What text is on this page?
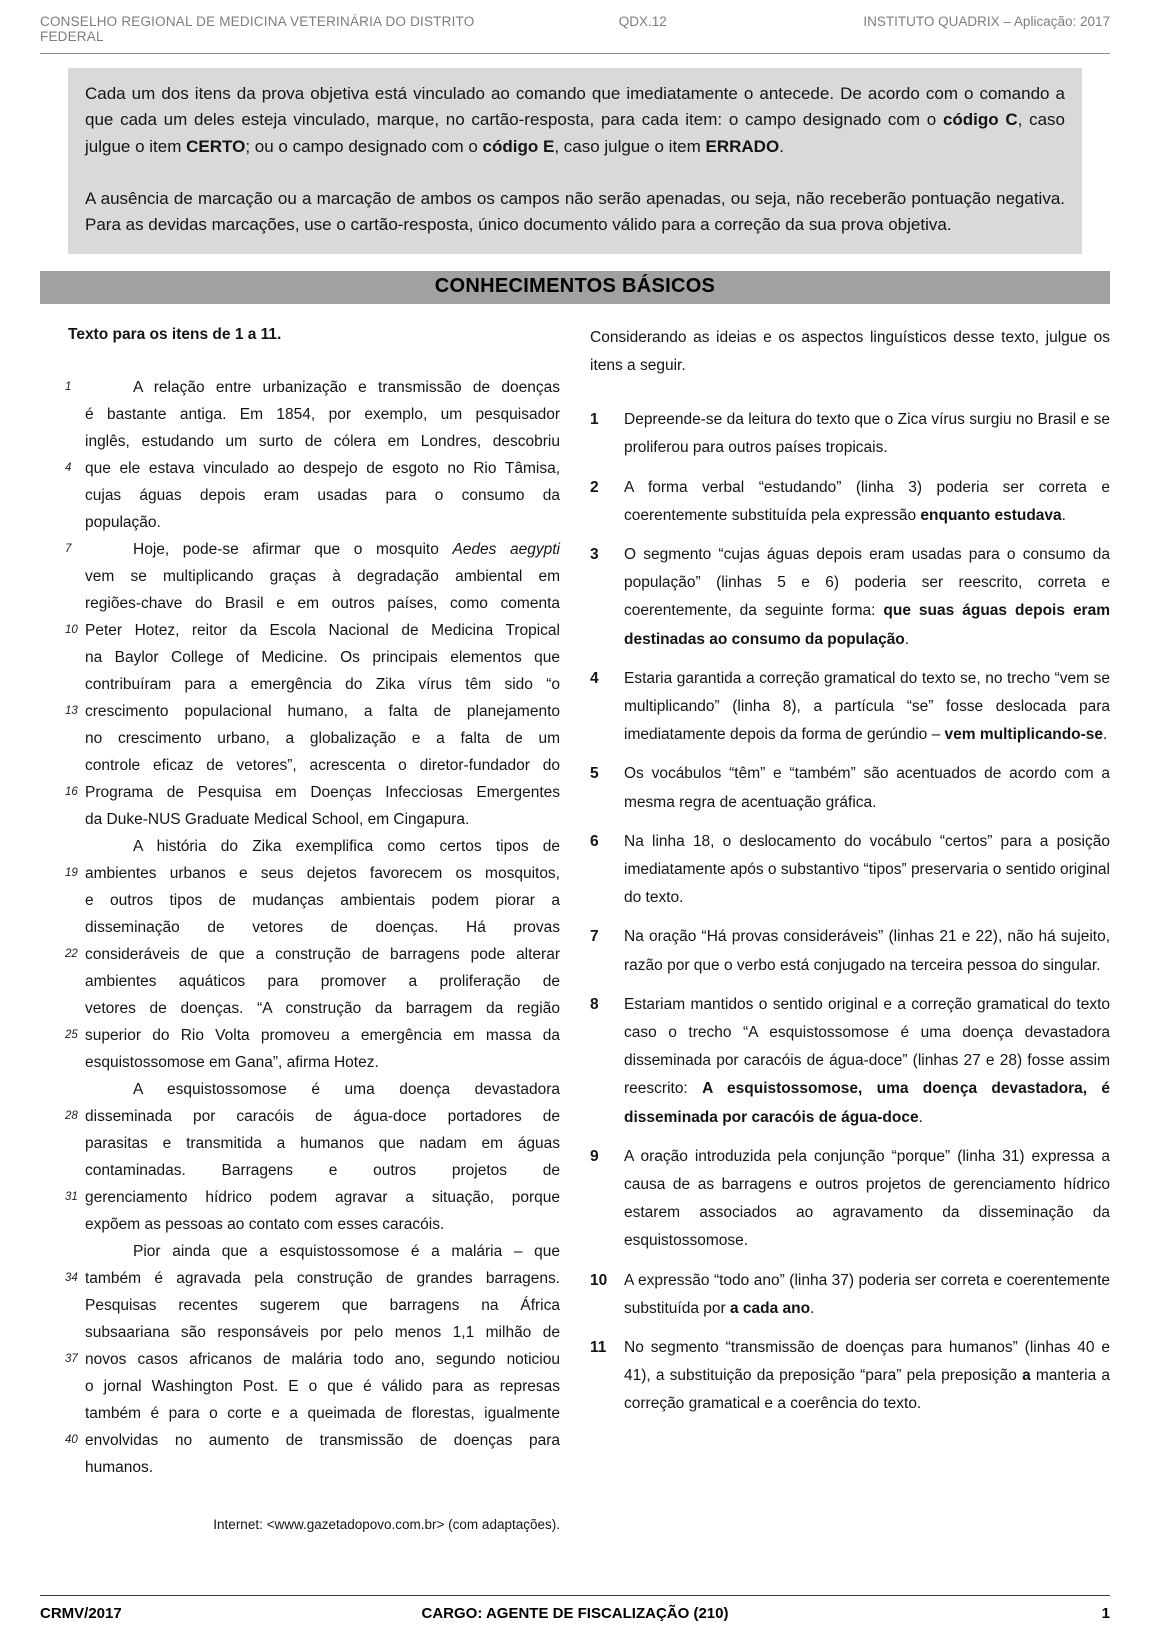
CONSELHO REGIONAL DE MEDICINA VETERINÁRIA DO DISTRITO FEDERAL
QDX.12	INSTITUTO QUADRIX – Aplicação: 2017

Cada um dos itens da prova objetiva está vinculado ao comando que imediatamente o antecede. De acordo com o comando a que cada um deles esteja vinculado, marque, no cartão-resposta, para cada item: o campo designado com o código C, caso julgue o item CERTO; ou o campo designado com o código E, caso julgue o item ERRADO.

A ausência de marcação ou a marcação de ambos os campos não serão apenadas, ou seja, não receberão pontuação negativa. Para as devidas marcações, use o cartão-resposta, único documento válido para a correção da sua prova objetiva.

CONHECIMENTOS BÁSICOS

Texto para os itens de 1 a 11.

1	A relação entre urbanização e transmissão de doenças
é bastante antiga. Em 1854, por exemplo, um pesquisador
inglês, estudando um surto de cólera em Londres, descobriu
4 que ele estava vinculado ao despejo de esgoto no Rio Tâmisa,
cujas águas depois eram usadas para o consumo da
população.
7	Hoje, pode-se afirmar que o mosquito Aedes aegypti
vem se multiplicando graças à degradação ambiental em
regiões-chave do Brasil e em outros países, como comenta
10 Peter Hotez, reitor da Escola Nacional de Medicina Tropical
na Baylor College of Medicine. Os principais elementos que
contribuíram para a emergência do Zika vírus têm sido “o
13 crescimento populacional humano, a falta de planejamento
no crescimento urbano, a globalização e a falta de um
controle eficaz de vetores”, acrescenta o diretor-fundador do
16 Programa de Pesquisa em Doenças Infecciosas Emergentes
da Duke-NUS Graduate Medical School, em Cingapura.
A história do Zika exemplifica como certos tipos de
19 ambientes urbanos e seus dejetos favorecem os mosquitos,
e outros tipos de mudanças ambientais podem piorar a
disseminação de vetores de doenças. Há provas
22 consideráveis de que a construção de barragens pode alterar
ambientes aquáticos para promover a proliferação de
vetores de doenças. “A construção da barragem da região
25 superior do Rio Volta promoveu a emergência em massa da
esquistossomose em Gana”, afirma Hotez.
A esquistossomose é uma doença devastadora
28 disseminada por caracóis de água-doce portadores de
parasitas e transmitida a humanos que nadam em águas
contaminadas. Barragens e outros projetos de
31 gerenciamento hídrico podem agravar a situação, porque
expõem as pessoas ao contato com esses caracóis.
Pior ainda que a esquistossomose é a malária – que
34 também é agravada pela construção de grandes barragens.
Pesquisas recentes sugerem que barragens na África
subsaariana são responsáveis por pelo menos 1,1 milhão de
37 novos casos africanos de malária todo ano, segundo noticiou
o jornal Washington Post. E o que é válido para as represas
também é para o corte e a queimada de florestas, igualmente
40 envolvidas no aumento de transmissão de doenças para
humanos.

Internet: <www.gazetadopovo.com.br> (com adaptações).

Considerando as ideias e os aspectos linguísticos desse texto, julgue os itens a seguir.

1	Depreende-se da leitura do texto que o Zica vírus surgiu no Brasil e se proliferou para outros países tropicais.
2	A forma verbal “estudando” (linha 3) poderia ser correta e coerentemente substituída pela expressão enquanto estudava.
3	O segmento “cujas águas depois eram usadas para o consumo da população” (linhas 5 e 6) poderia ser reescrito, correta e coerentemente, da seguinte forma: que suas águas depois eram destinadas ao consumo da população.
4	Estaria garantida a correção gramatical do texto se, no trecho “vem se multiplicando” (linha 8), a partícula “se” fosse deslocada para imediatamente depois da forma de gerúndio – vem multiplicando-se.
5	Os vocábulos “têm” e “também” são acentuados de acordo com a mesma regra de acentuação gráfica.
6	Na linha 18, o deslocamento do vocábulo “certos” para a posição imediatamente após o substantivo “tipos” preservaria o sentido original do texto.
7	Na oração “Há provas consideráveis” (linhas 21 e 22), não há sujeito, razão por que o verbo está conjugado na terceira pessoa do singular.
8	Estariam mantidos o sentido original e a correção gramatical do texto caso o trecho “A esquistossomose é uma doença devastadora disseminada por caracóis de água-doce” (linhas 27 e 28) fosse assim reescrito: A esquistossomose, uma doença devastadora, é disseminada por caracóis de água-doce.
9	A oração introduzida pela conjunção “porque” (linha 31) expressa a causa de as barragens e outros projetos de gerenciamento hídrico estarem associados ao agravamento da disseminação da esquistossomose.
10	A expressão “todo ano” (linha 37) poderia ser correta e coerentemente substituída por a cada ano.
11	No segmento “transmissão de doenças para humanos” (linhas 40 e 41), a substituição da preposição “para” pela preposição a manteria a correção gramatical e a coerência do texto.
CRMV/2017	CARGO: AGENTE DE FISCALIZAÇÃO (210)	1
